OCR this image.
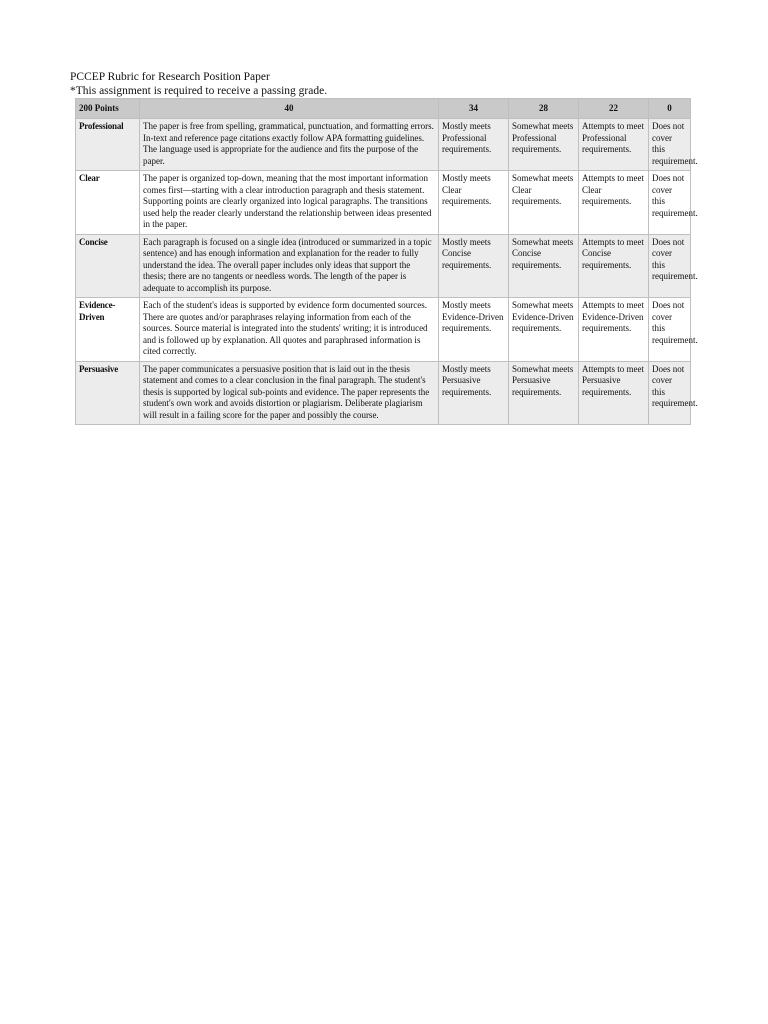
PCCEP Rubric for Research Position Paper
*This assignment is required to receive a passing grade.
200 Points	40	34	28	22	0
Professional	The paper is free from spelling, grammatical, punctuation, and formatting errors. In-text and reference page citations exactly follow APA formatting guidelines. The language used is appropriate for the audience and fits the purpose of the paper.	Mostly meets Professional requirements.	Somewhat meets Professional requirements.	Attempts to meet Professional requirements.	Does not cover this requirement.
Clear	The paper is organized top-down, meaning that the most important information comes first—starting with a clear introduction paragraph and thesis statement. Supporting points are clearly organized into logical paragraphs. The transitions used help the reader clearly understand the relationship between ideas presented in the paper.	Mostly meets Clear requirements.	Somewhat meets Clear requirements.	Attempts to meet Clear requirements.	Does not cover this requirement.
Concise	Each paragraph is focused on a single idea (introduced or summarized in a topic sentence) and has enough information and explanation for the reader to fully understand the idea. The overall paper includes only ideas that support the thesis; there are no tangents or needless words. The length of the paper is adequate to accomplish its purpose.	Mostly meets Concise requirements.	Somewhat meets Concise requirements.	Attempts to meet Concise requirements.	Does not cover this requirement.
Evidence-Driven	Each of the student's ideas is supported by evidence form documented sources. There are quotes and/or paraphrases relaying information from each of the sources. Source material is integrated into the students' writing; it is introduced and is followed up by explanation. All quotes and paraphrased information is cited correctly.	Mostly meets Evidence-Driven requirements.	Somewhat meets Evidence-Driven requirements.	Attempts to meet Evidence-Driven requirements.	Does not cover this requirement.
Persuasive	The paper communicates a persuasive position that is laid out in the thesis statement and comes to a clear conclusion in the final paragraph. The student's thesis is supported by logical sub-points and evidence. The paper represents the student's own work and avoids distortion or plagiarism. Deliberate plagiarism will result in a failing score for the paper and possibly the course.	Mostly meets Persuasive requirements.	Somewhat meets Persuasive requirements.	Attempts to meet Persuasive requirements.	Does not cover this requirement.
